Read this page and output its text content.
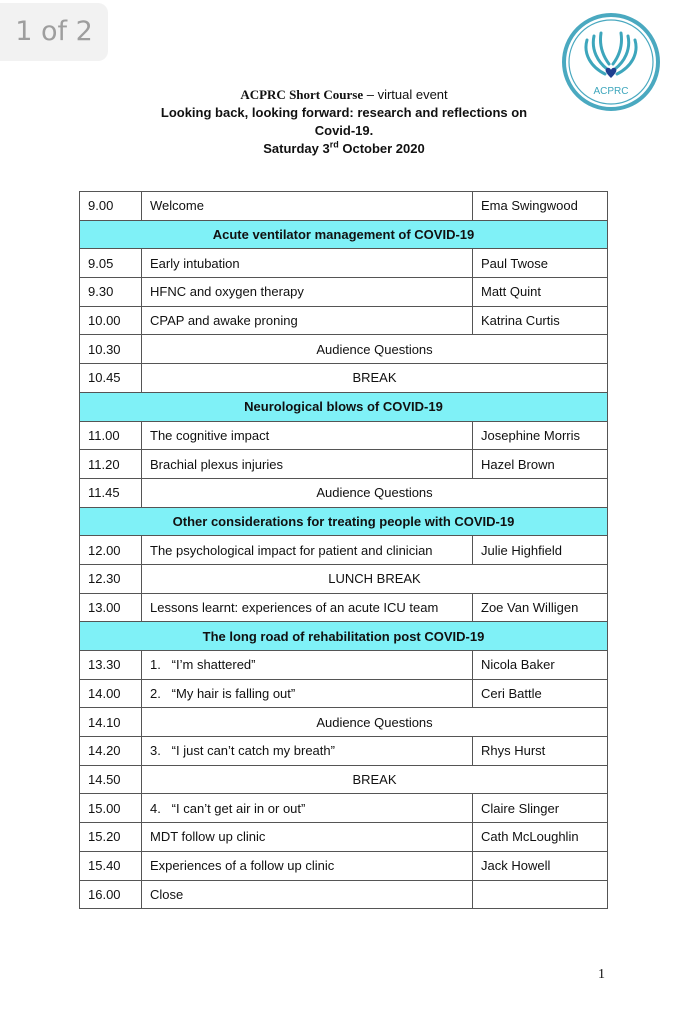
1 of 2
ACPRC
ACPRC Short Course – virtual event
Looking back, looking forward: research and reflections on
Covid-19.
Saturday 3rd October 2020
9.00	Welcome	Ema Swingwood
Acute ventilator management of COVID-19		
9.05	Early intubation	Paul Twose
9.30	HFNC and oxygen therapy	Matt Quint
10.00	CPAP and awake proning	Katrina Curtis
10.30	Audience Questions	
10.45	BREAK	
Neurological blows of COVID-19		
11.00	The cognitive impact	Josephine Morris
11.20	Brachial plexus injuries	Hazel Brown
11.45	Audience Questions	
Other considerations for treating people with COVID-19		
12.00	The psychological impact for patient and clinician	Julie Highfield
12.30	LUNCH BREAK	
13.00	Lessons learnt: experiences of an acute ICU team	Zoe Van Willigen
The long road of rehabilitation post COVID-19		
13.30	1.   “I’m shattered”	Nicola Baker
14.00	2.   “My hair is falling out”	Ceri Battle
14.10	Audience Questions	
14.20	3.   “I just can’t catch my breath”	Rhys Hurst
14.50	BREAK	
15.00	4.   “I can’t get air in or out”	Claire Slinger
15.20	MDT follow up clinic	Cath McLoughlin
15.40	Experiences of a follow up clinic	Jack Howell
16.00	Close	
1
